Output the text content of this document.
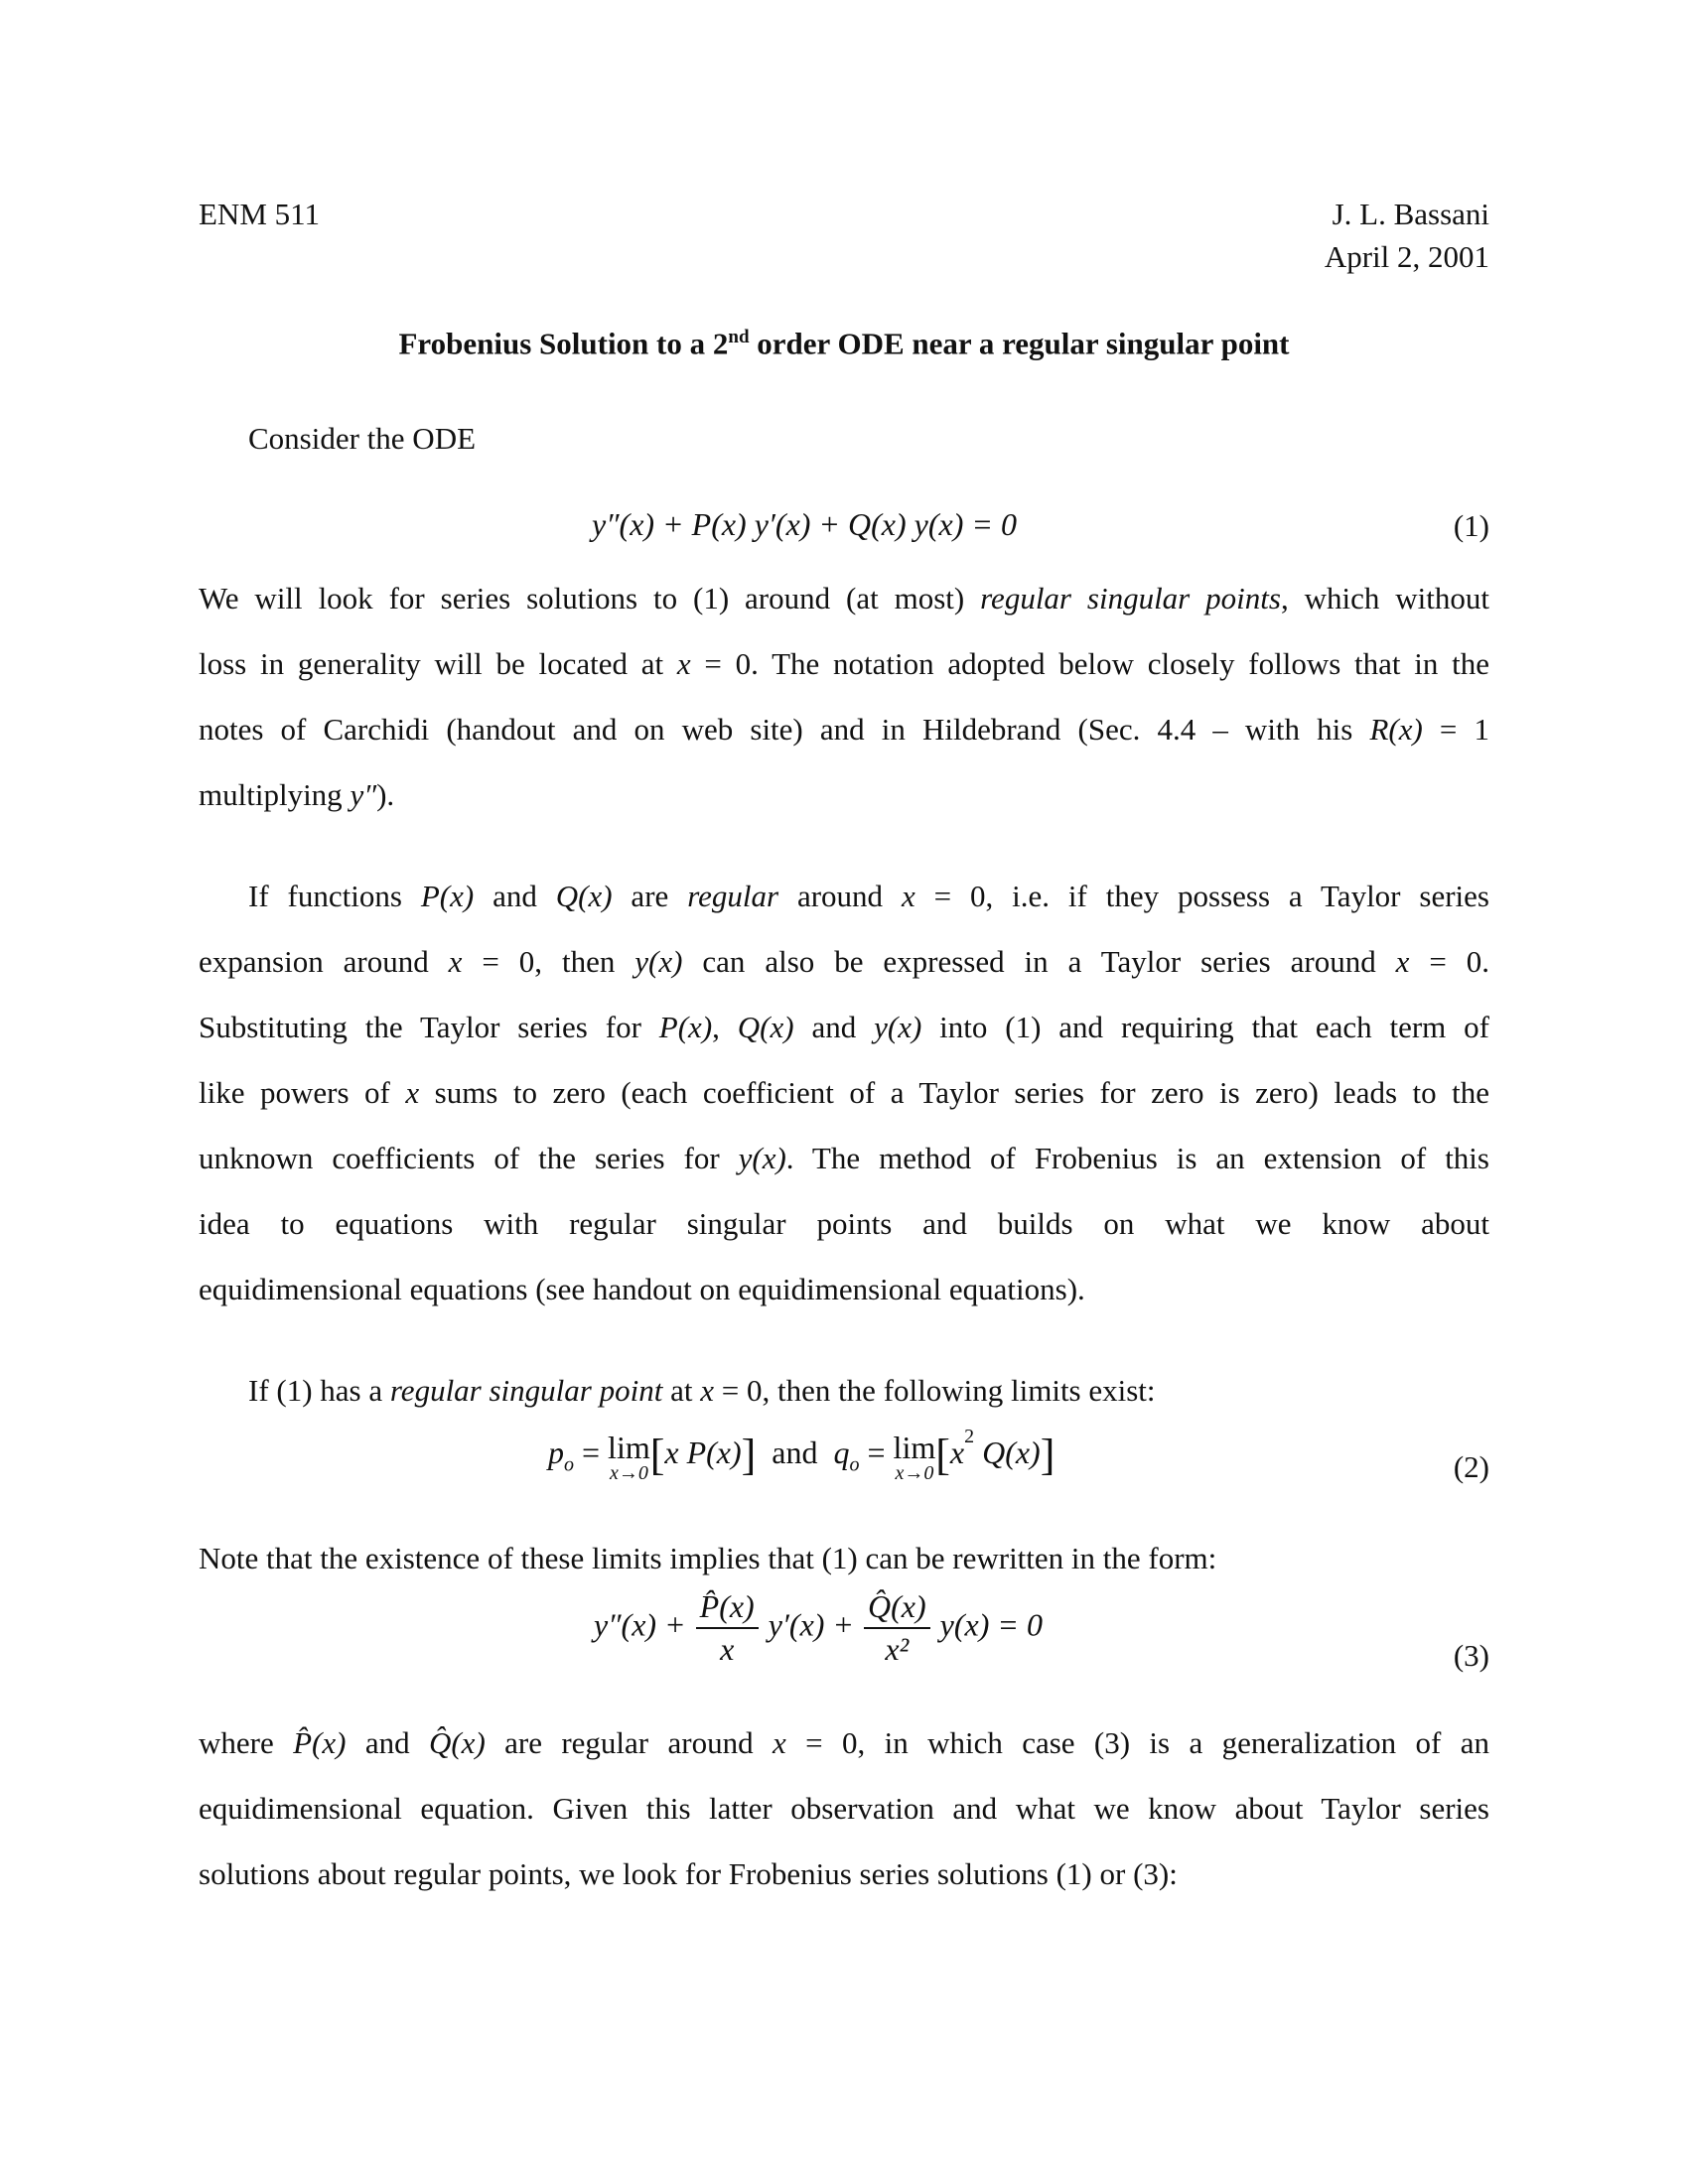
ENM 511	J. L. Bassani
April 2, 2001
Frobenius Solution to a 2nd order ODE near a regular singular point
Consider the ODE
y″(x) + P(x) y′(x) + Q(x) y(x) = 0	(1)
We will look for series solutions to (1) around (at most) regular singular points, which without
loss in generality will be located at x = 0. The notation adopted below closely follows that in the
notes of Carchidi (handout and on web site) and in Hildebrand (Sec. 4.4 – with his R(x) = 1
multiplying y″).
If functions P(x) and Q(x) are regular around x = 0, i.e. if they possess a Taylor series
expansion around x = 0, then y(x) can also be expressed in a Taylor series around x = 0.
Substituting the Taylor series for P(x), Q(x) and y(x) into (1) and requiring that each term of
like powers of x sums to zero (each coefficient of a Taylor series for zero is zero) leads to the
unknown coefficients of the series for y(x). The method of Frobenius is an extension of this
idea to equations with regular singular points and builds on what we know about
equidimensional equations (see handout on equidimensional equations).
If (1) has a regular singular point at x = 0, then the following limits exist:
$p_o = \lim$
x→0 [x P(x)] and $q_o = \lim$
x→0 [$x^2$ Q(x)]	(2)
Note that the existence of these limits implies that (1) can be rewritten in the form:
$y''(x) + \frac{P̂(x)}{x} y'(x) + \frac{Q̂(x)}{\text{x²}} y(x) = 0$
(3)
where P̂(x) and Q̂(x) are regular around x = 0, in which case (3) is a generalization of an
equidimensional equation. Given this latter observation and what we know about Taylor series
solutions about regular points, we look for Frobenius series solutions (1) or (3):
